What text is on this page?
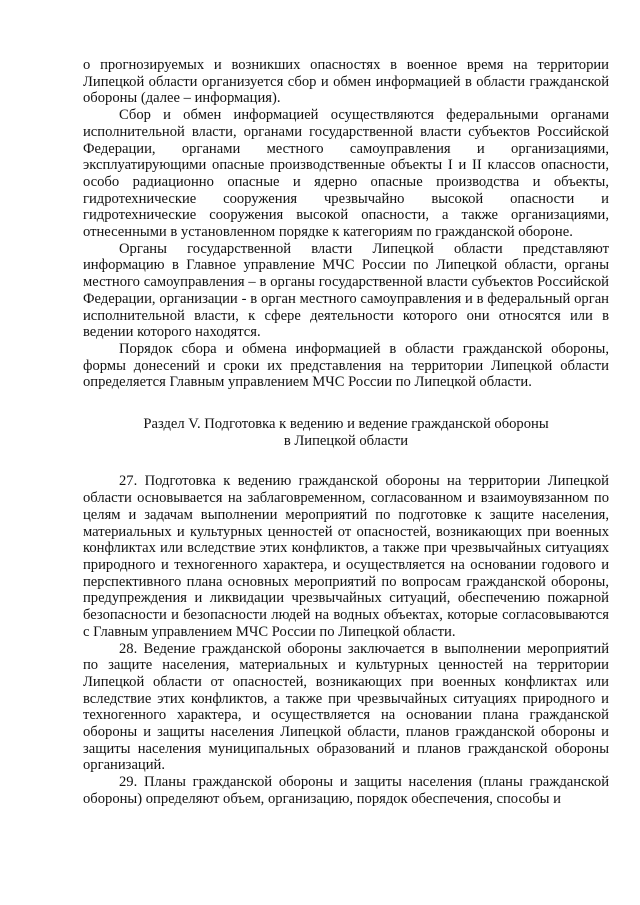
о прогнозируемых и возникших опасностях в военное время на территории Липецкой области организуется сбор и обмен информацией в области гражданской обороны (далее – информация).

Сбор и обмен информацией осуществляются федеральными органами исполнительной власти, органами государственной власти субъектов Российской Федерации, органами местного самоуправления и организациями, эксплуатирующими опасные производственные объекты I и II классов опасности, особо радиационно опасные и ядерно опасные производства и объекты, гидротехнические сооружения чрезвычайно высокой опасности и гидротехнические сооружения высокой опасности, а также организациями, отнесенными в установленном порядке к категориям по гражданской обороне.

Органы государственной власти Липецкой области представляют информацию в Главное управление МЧС России по Липецкой области, органы местного самоуправления – в органы государственной власти субъектов Российской Федерации, организации - в орган местного самоуправления и в федеральный орган исполнительной власти, к сфере деятельности которого они относятся или в ведении которого находятся.

Порядок сбора и обмена информацией в области гражданской обороны, формы донесений и сроки их представления на территории Липецкой области определяется Главным управлением МЧС России по Липецкой области.

Раздел V. Подготовка к ведению и ведение гражданской обороны
в Липецкой области

27. Подготовка к ведению гражданской обороны на территории Липецкой области основывается на заблаговременном, согласованном и взаимоувязанном по целям и задачам выполнении мероприятий по подготовке к защите населения, материальных и культурных ценностей от опасностей, возникающих при военных конфликтах или вследствие этих конфликтов, а также при чрезвычайных ситуациях природного и техногенного характера, и осуществляется на основании годового и перспективного плана основных мероприятий по вопросам гражданской обороны, предупреждения и ликвидации чрезвычайных ситуаций, обеспечению пожарной безопасности и безопасности людей на водных объектах, которые согласовываются с Главным управлением МЧС России по Липецкой области.

28. Ведение гражданской обороны заключается в выполнении мероприятий по защите населения, материальных и культурных ценностей на территории Липецкой области от опасностей, возникающих при военных конфликтах или вследствие этих конфликтов, а также при чрезвычайных ситуациях природного и техногенного характера, и осуществляется на основании плана гражданской обороны и защиты населения Липецкой области, планов гражданской обороны и защиты населения муниципальных образований и планов гражданской обороны организаций.

29. Планы гражданской обороны и защиты населения (планы гражданской обороны) определяют объем, организацию, порядок обеспечения, способы и
